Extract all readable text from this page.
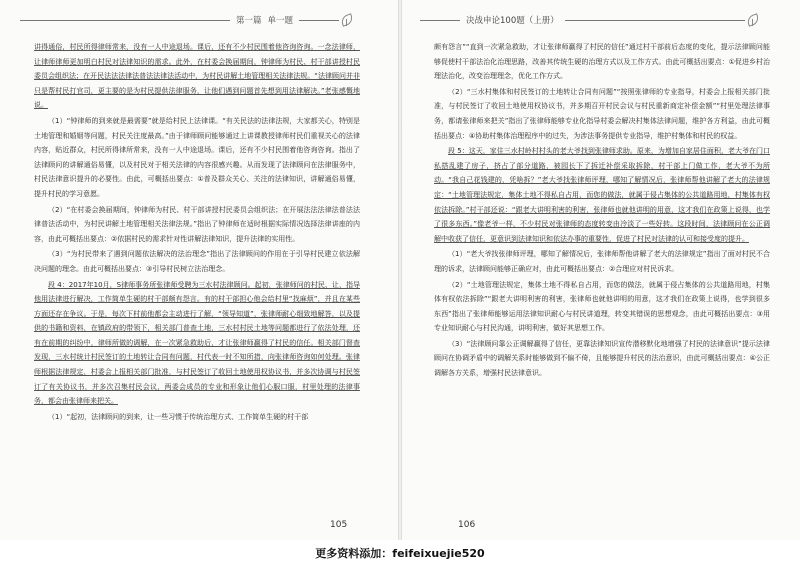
第一篇 单一题

讲得通俗，村民所得律师常来，没有一人中途退场。课后，还有不少村民围着他咨询咨询。一念法律师，让律师律师更加明白村民对法律知识的需求。此外，在村委会换届期间，钟律师为村民、村干部讲授村民委员会组织法；在开民法法法律法普法法律法活动中，为村民讲解土地管理相关法律法规。“法律顾问并非只是帮村民打官司，更主要的是为村民提供法律服务，让他们遇到问题首先想到用法律解决。”老张感慨地说。

（1）“钟律师的到来就是最需要”就是给村民上法律课。“有关民法的法律法规，大家都关心，特别是土地管理和婚姻等问题，村民关注度最高。”由于律师顾问能够通过上讲课教授律师村民们重视关心的法律内容，贴近群众，村民所得律所常来，没有一人中途退场。课后，还有不少村民围着他咨询咨询。指出了法律顾问的讲解通俗易懂，以及村民对于相关法律的内容很感兴趣。从而发现了法律顾问在法律服务中，村民法律意识提升的必要性。由此，可概括出要点：①普及群众关心、关注的法律知识，讲解通俗易懂，提升村民的学习意愿。

（2）“在村委会换届期间，钟律师为村民、村干部讲授村民委员会组织法；在开展法法法律法普法法律普法活动中，为村民讲解土地管理相关法律法规。”指出了钟律师在适时根据实际情况选择法律讲座的内容，由此可概括出要点：②依据村民的需求针对性讲解法律知识，提升法律的实用性。

（3）“为村民带来了遇到问题依法解决的法治理念”指出了法律顾问的作用在于引导村民建立依法解决问题的理念。由此可概括出要点：③引导村民树立法治理念。

段 4：2017年10月，S律师事务所张律师受聘为三水村法律顾问。起初，张律师问的村民、让，指导他用法律进行解决，工作简单生硬的村干部颇有怨言。有的村干部担心他会给村里“找麻烦”，并且在某些方面还存在争议。于是，每次下村前他都会主动进行了解，“领导知道”，张律师耐心细致地解答，以及提供的书籍和资料，在镇政府的带领下，相关部门普查土地，三水村村民土地等问题都进行了依法处理，还有在前期的纠纷中，律师所做的调解，在一次紧急救助后，才让张律师赢得了村民的信任。相关部门督查发现，三水村统计村民签订的土地转让合同有问题，村代表一时不知所措，向张律师咨询如何处理。张律师根据法律规定，村委会上报相关部门批准，与村民签订了收回土地使用权协议书，并多次协调与村民签订了有关协议书，并多次召集村民会议，两委会成员的专业和形象让他们心服口服，村里处理的法律事务，都会由张律师来把关。

（1）“起初，法律顾问的到来，让一些习惯于传统治理方式、工作简单生硬的村干部

105
决战申论100题（上册）

颇有怨言”“直到一次紧急救助，才让张律师赢得了村民的信任”通过村干部前后态度的变化，提示法律顾问能够促使村干部法治化治理思路，改善其传统生硬的治理方式以及工作方式。由此可概括出要点：①促进乡村治理法治化，改变治理理念，优化工作方式。

（2）“三水村集体和村民签订的土地转让合同有问题”“按照张律师的专业指导，村委会上报相关部门批准，与村民签订了收回土地使用权协议书，并多期召开村民会议与村民重新商定补偿金额”“村里处理法律事务，都请张律师来把关”指出了张律师能够专业化指导村委会解决村集体法律问题，维护各方利益，由此可概括出要点：④协助村集体治理程序中的过失，为涉法事务提供专业指导，维护村集体和村民的权益。

段 5：这天，家住三水村岭村村头的老大爷找到张律师求助。原来，为增加自家居住面积，老大爷在门口私搭乱建了房子，挤占了部分道路，被园长下了拆迁补偿采取拆除，村干部上门做工作，老大爷不为所动。“我自己花钱建的，凭啥拆？”老大爷找张律师评理，哪知了解情况后，张律师帮他讲解了老大的法律规定：“土地管理法规定，集体土地不得私自占用，而您的做法，就属于侵占集体的公共道路用地，村集体有权依法拆除。”村干部还说：“跟老大讲明利害的利害，张律师也就他讲明的用意，这才我们在政策上说得，也学了很多东西。”像老爷一样，不少村民对张律师的态度转变由冷淡了一些好转。这段时间，法律顾问在公正调解中收获了信任，更意识到法律知识和依法办事的重要性，促进了村民对法律的认可和接受度的提升。

（1）“老大爷找张律师评理，哪知了解情况后，张律师帮他讲解了老大的法律规定”指出了面对村民不合理的诉求，法律顾问能够正确应对，由此可概括出要点：②合理应对村民诉求。

（2）“土地管理法规定，集体土地不得私自占用，而您的做法，就属于侵占集体的公共道路用地，村集体有权依法拆除”“跟老大讲明利害的利害，张律师也就他讲明的用意，这才我们在政策上说得，也学到很多东西”指出了张律师能够运用法律知识耐心与村民讲道理，转变其错误的思想观念，由此可概括出要点：③用专业知识耐心与村民沟通，讲明利害，做好其思想工作。

（3）“法律顾问靠公正调解赢得了信任，更靠法律知识宣传潜移默化地增强了村民的法律意识”提示法律顾问在协调矛盾中的调解关系时能够做到不偏不倚，且能够提升村民的法治意识，由此可概括出要点：④公正调解各方关系，增强村民法律意识。

106
更多资料添加：feifeixuejie520
